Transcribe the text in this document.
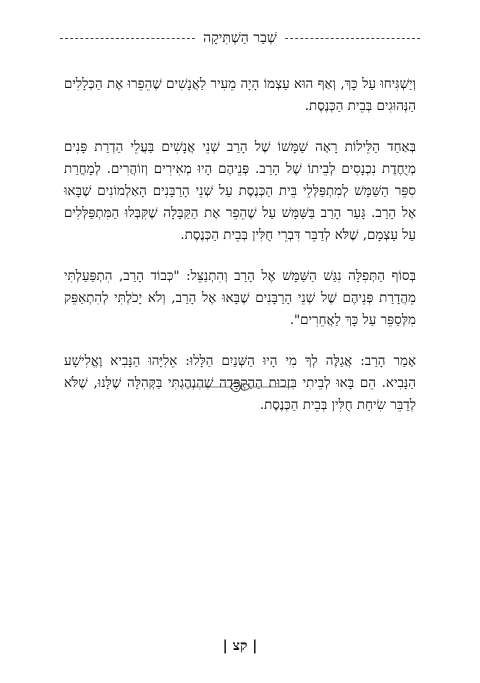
שְׁבַר הַשְׁתִּיקָה

וְיַשְׁגִּיחוּ עַל כָּךְ, וְאַף הוּא עַצְמוֹ הָיָה מֵעִיר לַאֲנָשִׁים שֶׁהֵפֵרוּ אֶת הַכְּלָלִים הַנְּהוּגִים בְּבֵית הַכְּנֶסֶת.

בְּאַחַד הַלֵּילוֹת רָאָה שַׁמָּשׁוֹ שֶׁל הָרַב שְׁנֵי אֲנָשִׁים בַּעֲלֵי הַדְרַת פָּנִים מְיֻחֶדֶת נִכְנָסִים לְבֵיתוֹ שֶׁל הָרַב. פְּנֵיהֶם הָיוּ מְאִירִים וְזוֹהֲרִים. לְמָחֳרַת סִפֵּר הַשַּׁמָּשׁ לְמִתְפַּלְּלֵי בֵּית הַכְּנֶסֶת עַל שְׁנֵי הָרַבָּנִים הָאַלְמוֹנִים שֶׁבָּאוּ אֶל הָרַב. גָּעַר הָרַב בַּשַּׁמָּשׁ עַל שֶׁהֵפֵר אֶת הַקַּבָּלָה שֶׁקִּבְּלוּ הַמִּתְפַּלְּלִים עַל עַצְמָם, שֶׁלֹּא לְדַבֵּר דִּבְרֵי חֻלִּין בְּבֵית הַכְּנֶסֶת.

בְּסוֹף הַתְּפִלָּה נִגַּשׁ הַשַּׁמָּשׁ אֶל הָרַב וְהִתְנַצֵּל: "כְּבוֹד הָרַב, הִתְפַּעַלְתִּי מֵהֲדָרַת פְּנֵיהֶם שֶׁל שְׁנֵי הָרַבָּנִים שֶׁבָּאוּ אֶל הָרַב, וְלֹא יָכֹלְתִּי לְהִתְאַפֵּק מִלְּסַפֵּר עַל כָּךְ לַאֲחֵרִים".

אָמַר הָרַב: אֲגַלֶּה לְךָ מִי הָיוּ הַשְּׁנַיִם הַלָּלוּ: אֵלִיָּהוּ הַנָּבִיא וֶאֱלִישָׁע הַנָּבִיא. הֵם בָּאוּ לְבֵיתִי בִּזְכוּת הַהַקְפָּדָה שֶׁהִנְהַגְתִּי בַּקְּהִלָּה שֶׁלָּנוּ, שֶׁלֹּא לְדַבֵּר שִׂיחַת חֻלִּין בְּבֵית הַכְּנֶסֶת.

| קצ |
